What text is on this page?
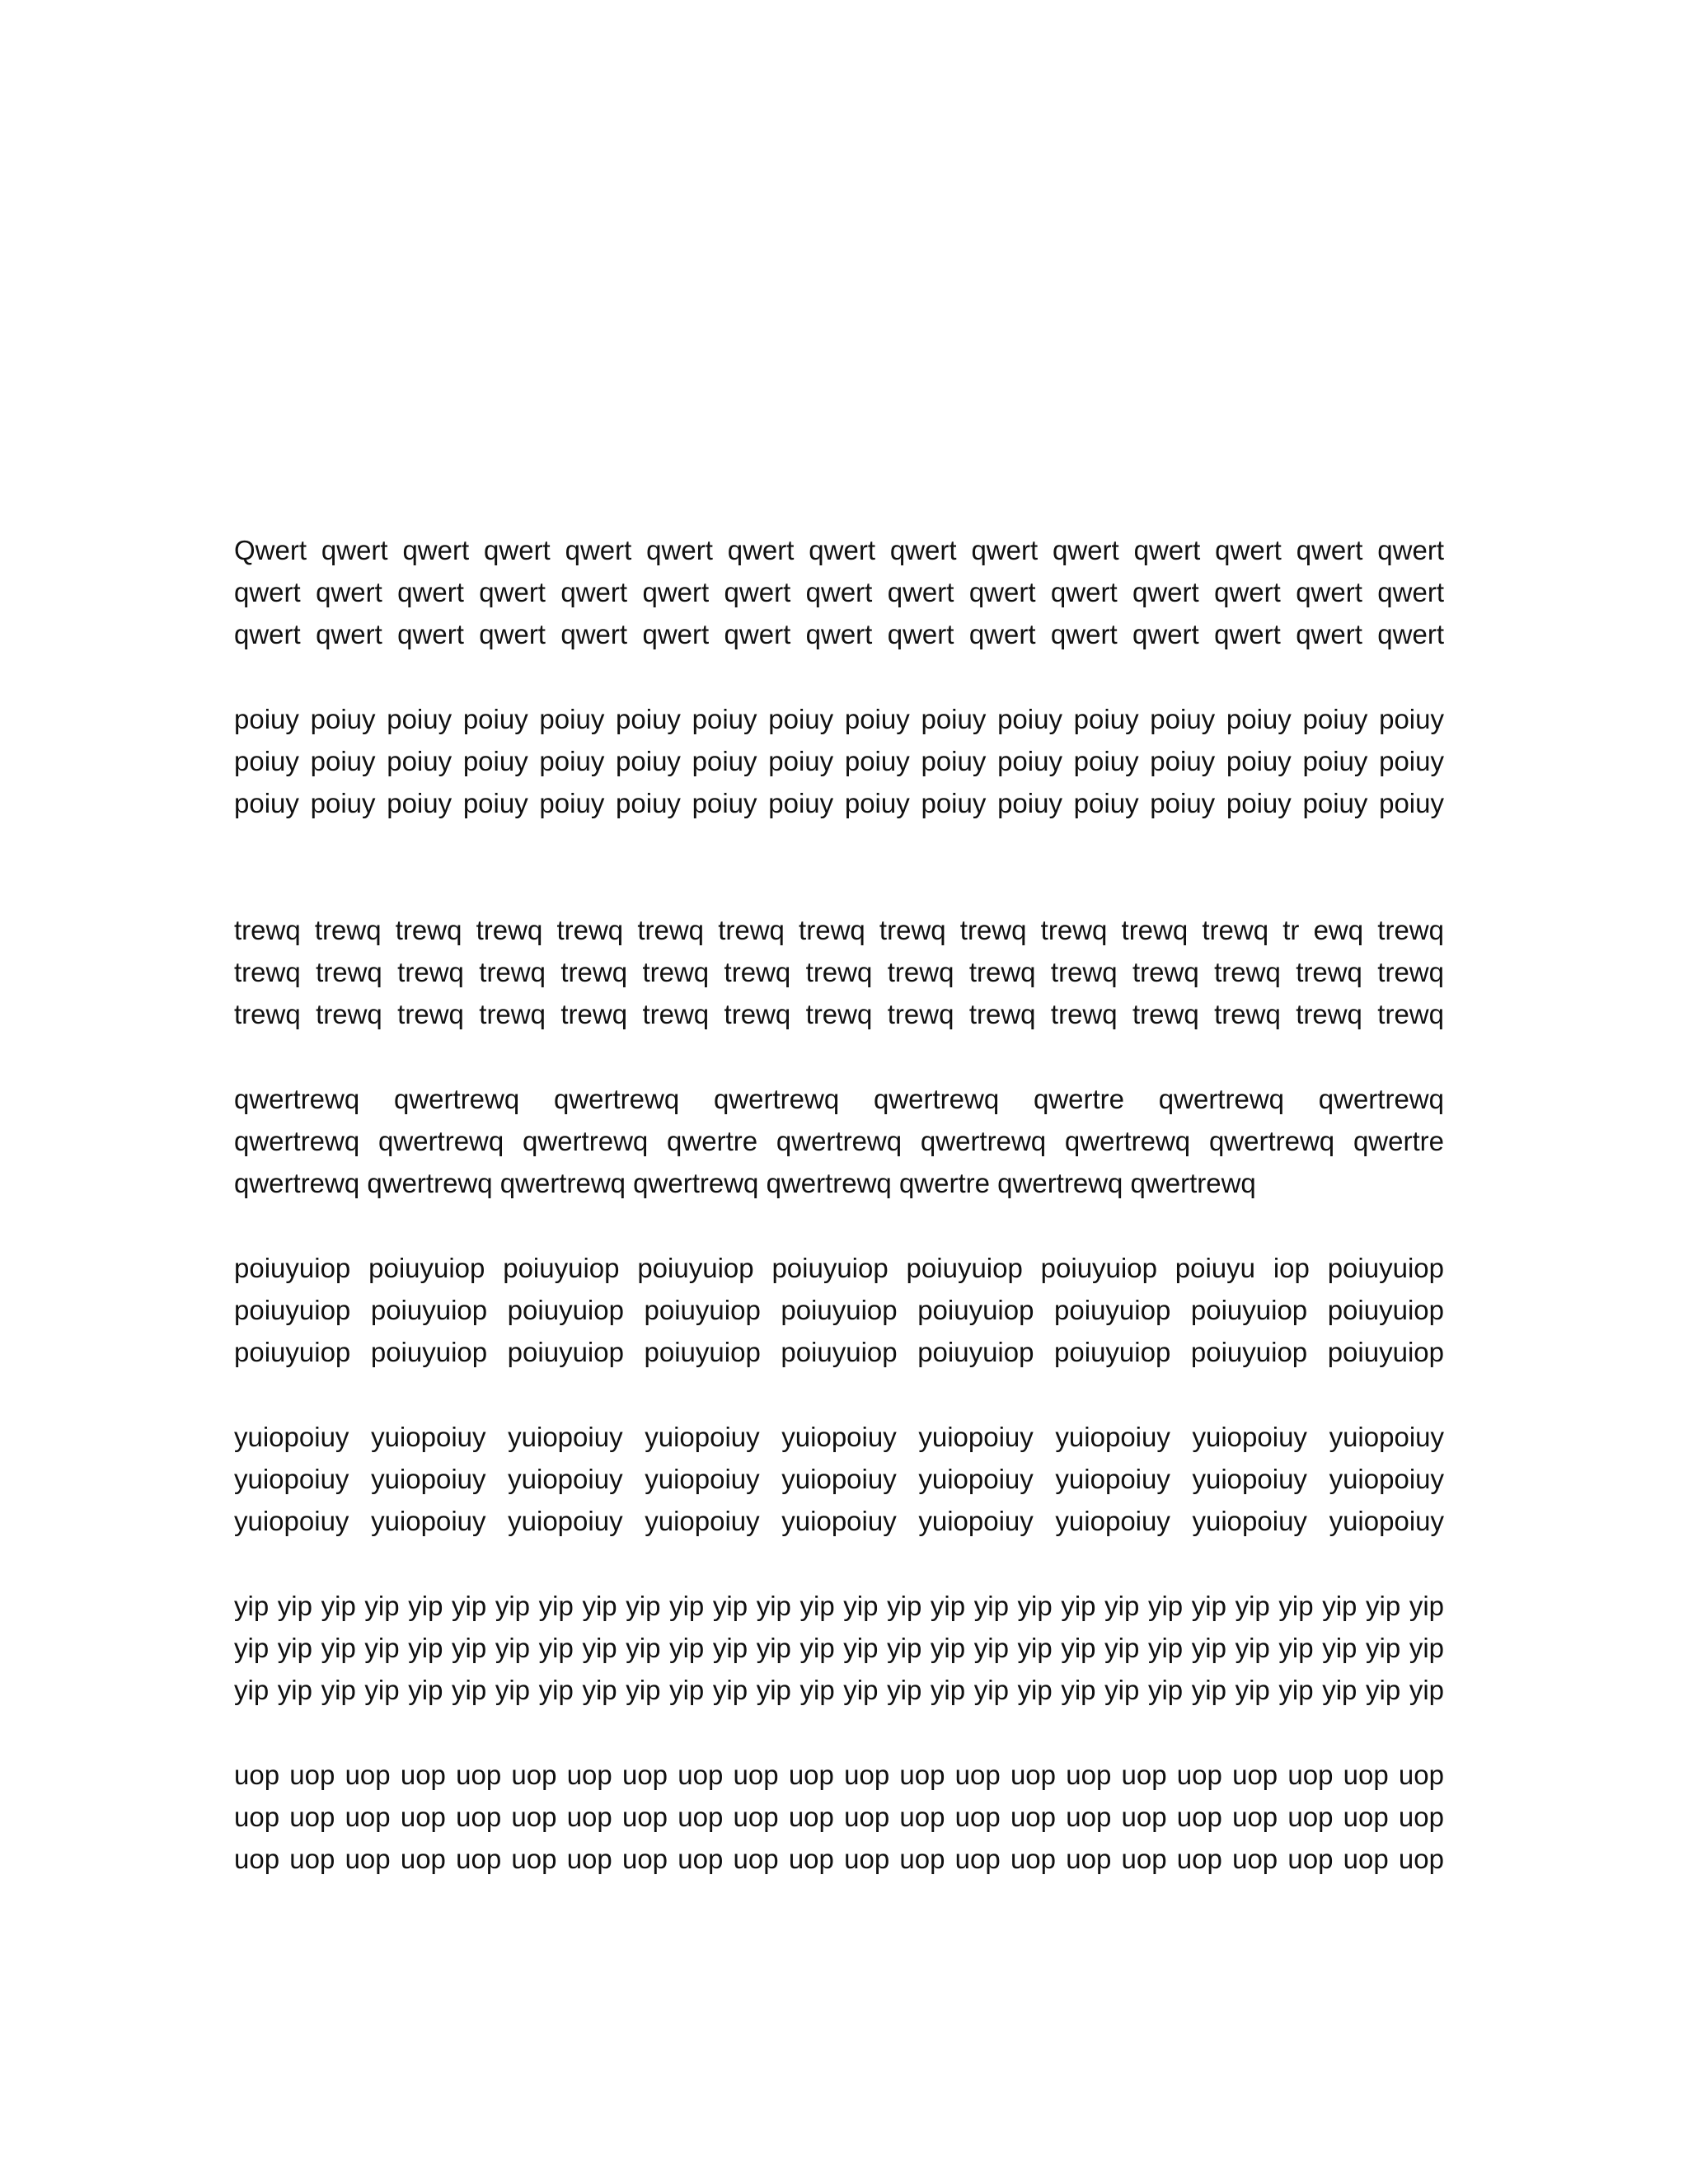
Qwert qwert qwert qwert qwert qwert qwert qwert qwert qwert qwert qwert qwert qwert qwert
qwert qwert qwert qwert qwert qwert qwert qwert qwert qwert qwert qwert qwert qwert qwert
qwert qwert qwert qwert qwert qwert qwert qwert qwert qwert qwert qwert qwert qwert qwert
poiuy poiuy poiuy poiuy poiuy poiuy poiuy poiuy poiuy poiuy poiuy poiuy poiuy poiuy poiuy poiuy
poiuy poiuy poiuy poiuy poiuy poiuy poiuy poiuy poiuy poiuy poiuy poiuy poiuy poiuy poiuy poiuy
poiuy poiuy poiuy poiuy poiuy poiuy poiuy poiuy poiuy poiuy poiuy poiuy poiuy poiuy poiuy poiuy
trewq trewq trewq trewq trewq trewq trewq trewq trewq trewq trewq trewq trewq tr ewq trewq
trewq trewq trewq trewq trewq trewq trewq trewq trewq trewq trewq trewq trewq trewq trewq
trewq trewq trewq trewq trewq trewq trewq trewq trewq trewq trewq trewq trewq trewq trewq
qwertrewq qwertrewq qwertrewq qwertrewq qwertrewq qwertre qwertrewq qwertrewq
qwertrewq qwertrewq qwertrewq qwertre qwertrewq qwertrewq qwertrewq qwertrewq qwertre
qwertrewq qwertrewq qwertrewq qwertrewq qwertrewq qwertre qwertrewq qwertrewq
poiuyuiop poiuyuiop poiuyuiop poiuyuiop poiuyuiop poiuyuiop poiuyuiop poiuyu iop poiuyuiop
poiuyuiop poiuyuiop poiuyuiop poiuyuiop poiuyuiop poiuyuiop poiuyuiop poiuyuiop poiuyuiop
poiuyuiop poiuyuiop poiuyuiop poiuyuiop poiuyuiop poiuyuiop poiuyuiop poiuyuiop poiuyuiop
yuiopoiuy yuiopoiuy yuiopoiuy yuiopoiuy yuiopoiuy yuiopoiuy yuiopoiuy yuiopoiuy yuiopoiuy
yuiopoiuy yuiopoiuy yuiopoiuy yuiopoiuy yuiopoiuy yuiopoiuy yuiopoiuy yuiopoiuy yuiopoiuy
yuiopoiuy yuiopoiuy yuiopoiuy yuiopoiuy yuiopoiuy yuiopoiuy yuiopoiuy yuiopoiuy yuiopoiuy
yip yip yip yip yip yip yip yip yip yip yip yip yip yip yip yip yip yip yip yip yip yip yip yip yip yip yip yip
yip yip yip yip yip yip yip yip yip yip yip yip yip yip yip yip yip yip yip yip yip yip yip yip yip yip yip yip
yip yip yip yip yip yip yip yip yip yip yip yip yip yip yip yip yip yip yip yip yip yip yip yip yip yip yip yip
uop uop uop uop uop uop uop uop uop uop uop uop uop uop uop uop uop uop uop uop uop uop
uop uop uop uop uop uop uop uop uop uop uop uop uop uop uop uop uop uop uop uop uop uop
uop uop uop uop uop uop uop uop uop uop uop uop uop uop uop uop uop uop uop uop uop uop
